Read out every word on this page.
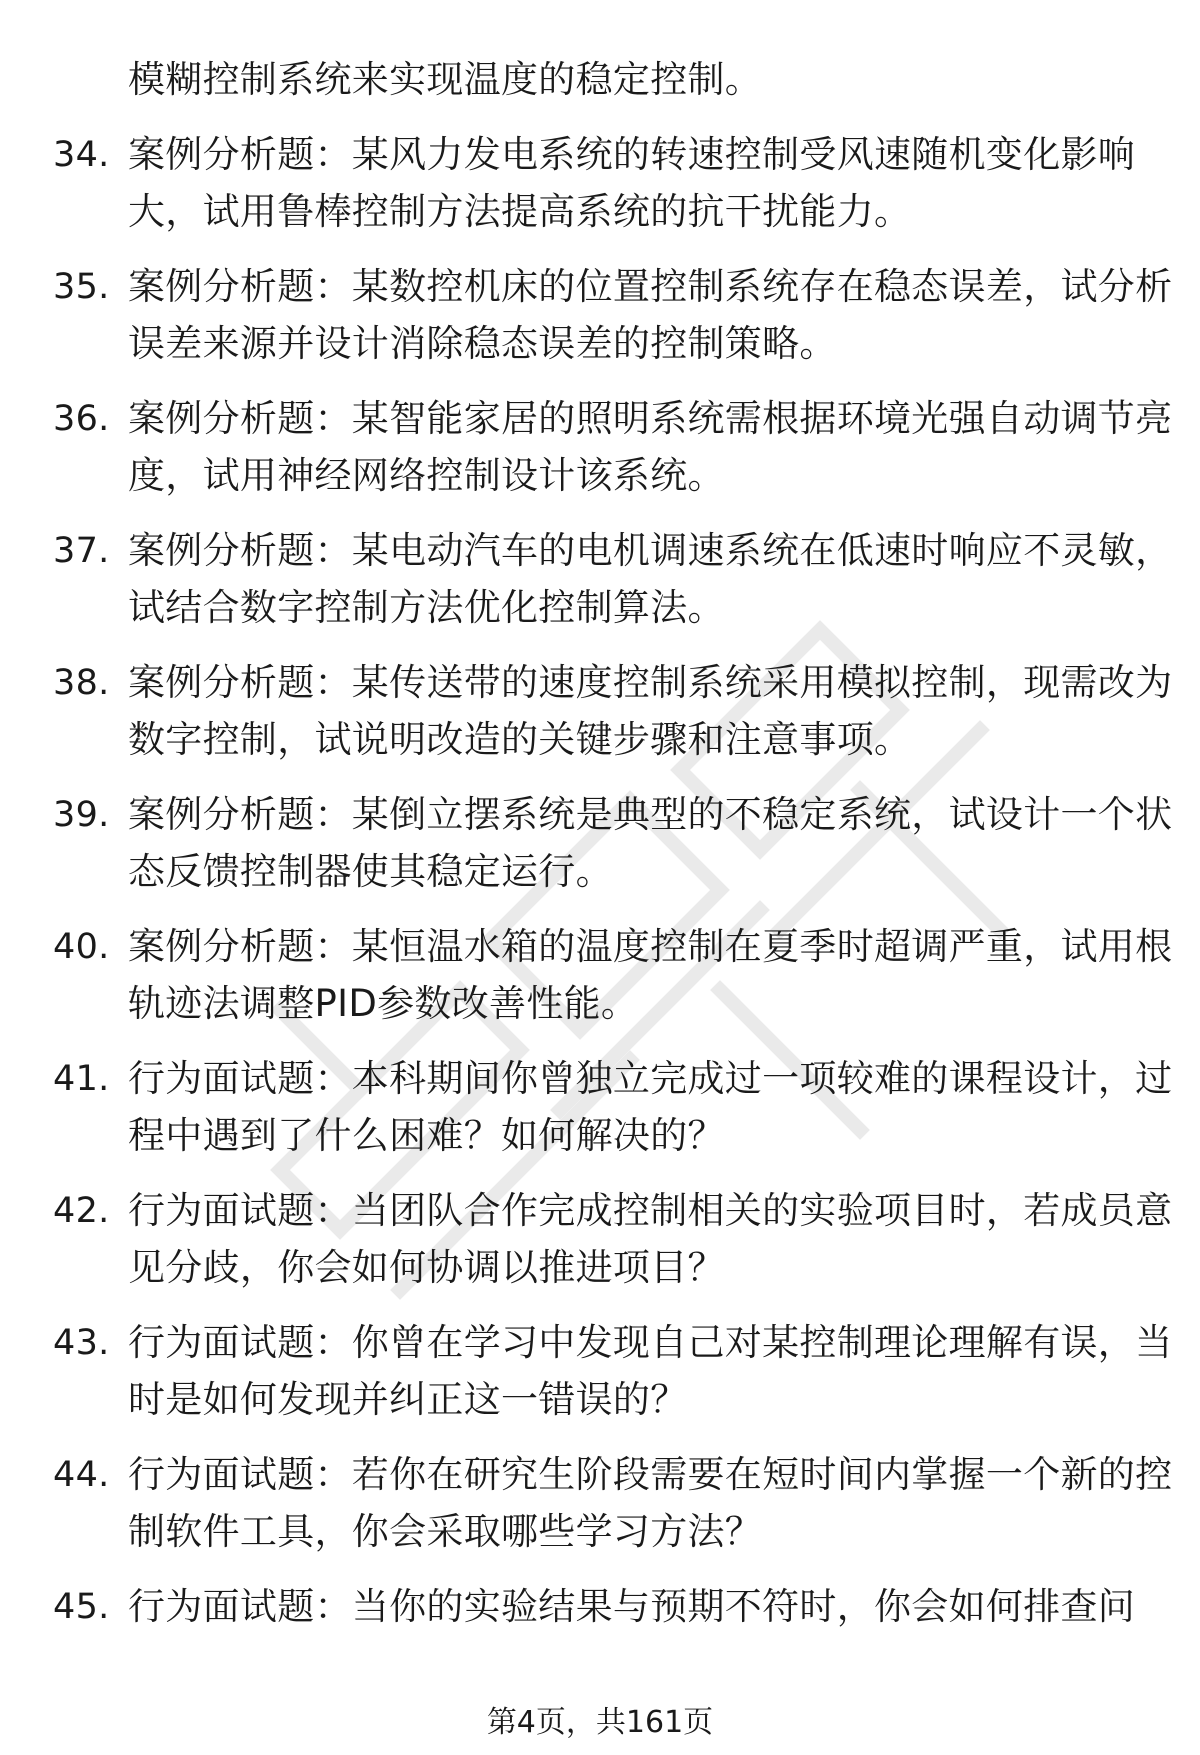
模糊控制系统来实现温度的稳定控制。
34. 案例分析题：某风力发电系统的转速控制受风速随机变化影响
大，试用鲁棒控制方法提高系统的抗干扰能力。
35. 案例分析题：某数控机床的位置控制系统存在稳态误差，试分析
误差来源并设计消除稳态误差的控制策略。
36. 案例分析题：某智能家居的照明系统需根据环境光强自动调节亮
度，试用神经网络控制设计该系统。
37. 案例分析题：某电动汽车的电机调速系统在低速时响应不灵敏，
试结合数字控制方法优化控制算法。
38. 案例分析题：某传送带的速度控制系统采用模拟控制，现需改为
数字控制，试说明改造的关键步骤和注意事项。
39. 案例分析题：某倒立摆系统是典型的不稳定系统，试设计一个状
态反馈控制器使其稳定运行。
40. 案例分析题：某恒温水箱的温度控制在夏季时超调严重，试用根
轨迹法调整PID参数改善性能。
41. 行为面试题：本科期间你曾独立完成过一项较难的课程设计，过
程中遇到了什么困难？如何解决的？
42. 行为面试题：当团队合作完成控制相关的实验项目时，若成员意
见分歧，你会如何协调以推进项目？
43. 行为面试题：你曾在学习中发现自己对某控制理论理解有误，当
时是如何发现并纠正这一错误的？
44. 行为面试题：若你在研究生阶段需要在短时间内掌握一个新的控
制软件工具，你会采取哪些学习方法？
45. 行为面试题：当你的实验结果与预期不符时，你会如何排查问
第4页，共161页
